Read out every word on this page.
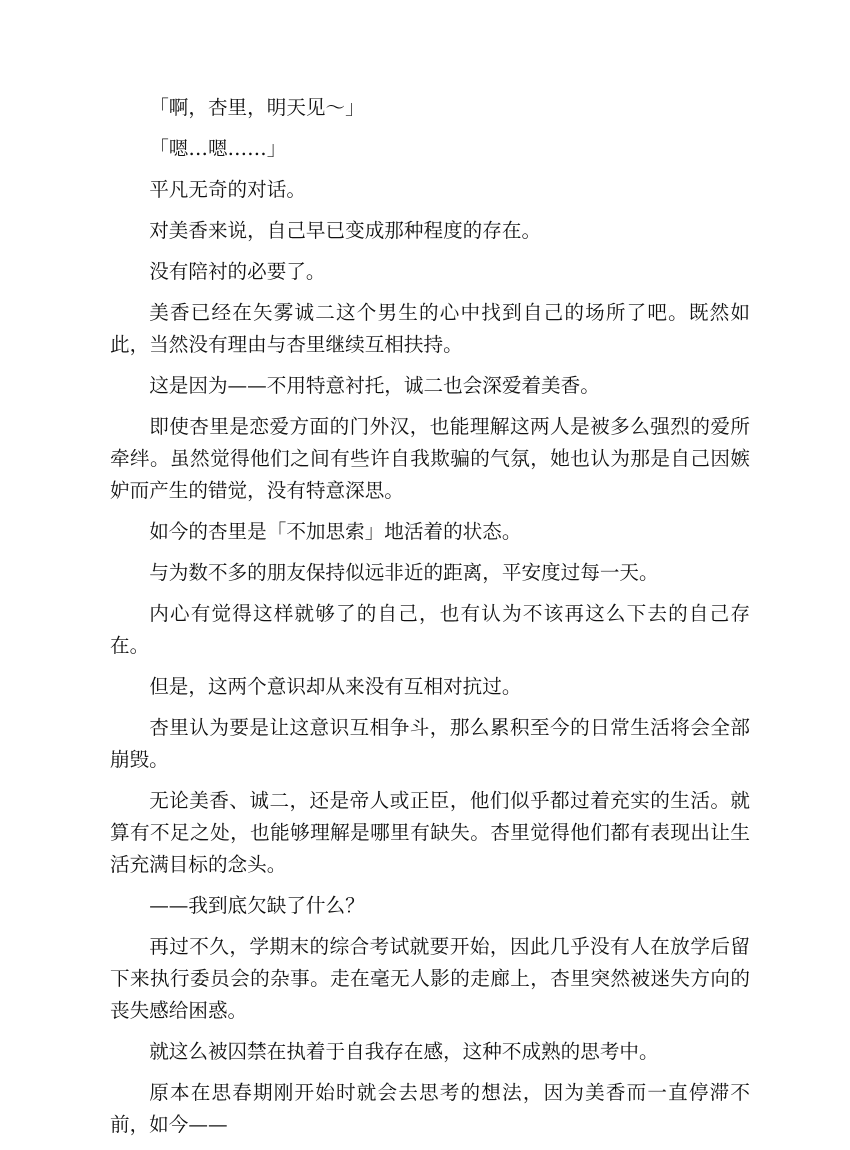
「啊，杏里，明天见～」

「嗯…嗯……」

平凡无奇的对话。

对美香来说，自己早已变成那种程度的存在。

没有陪衬的必要了。

美香已经在矢雾诚二这个男生的心中找到自己的场所了吧。既然如此，当然没有理由与杏里继续互相扶持。

这是因为——不用特意衬托，诚二也会深爱着美香。

即使杏里是恋爱方面的门外汉，也能理解这两人是被多么强烈的爱所牵绊。虽然觉得他们之间有些许自我欺骗的气氛，她也认为那是自己因嫉妒而产生的错觉，没有特意深思。

如今的杏里是「不加思索」地活着的状态。

与为数不多的朋友保持似远非近的距离，平安度过每一天。

内心有觉得这样就够了的自己，也有认为不该再这么下去的自己存在。

但是，这两个意识却从来没有互相对抗过。

杏里认为要是让这意识互相争斗，那么累积至今的日常生活将会全部崩毁。

无论美香、诚二，还是帝人或正臣，他们似乎都过着充实的生活。就算有不足之处，也能够理解是哪里有缺失。杏里觉得他们都有表现出让生活充满目标的念头。

——我到底欠缺了什么？

再过不久，学期末的综合考试就要开始，因此几乎没有人在放学后留下来执行委员会的杂事。走在毫无人影的走廊上，杏里突然被迷失方向的丧失感给困惑。

就这么被囚禁在执着于自我存在感，这种不成熟的思考中。

原本在思春期刚开始时就会去思考的想法，因为美香而一直停滞不前，如今——
